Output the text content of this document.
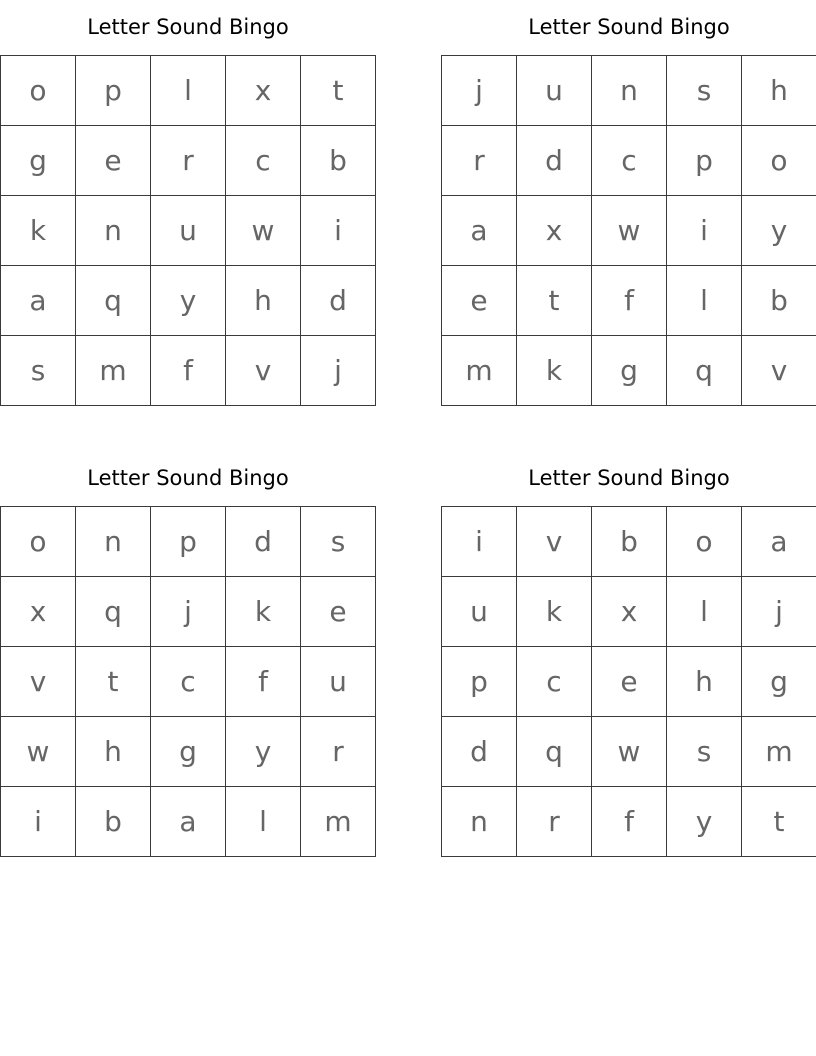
Letter Sound Bingo
o	p	l	x	t
g	e	r	c	b
k	n	u	w	i
a	q	y	h	d
s	m	f	v	j
Letter Sound Bingo
j	u	n	s	h
r	d	c	p	o
a	x	w	i	y
e	t	f	l	b
m	k	g	q	v
Letter Sound Bingo
o	n	p	d	s
x	q	j	k	e
v	t	c	f	u
w	h	g	y	r
i	b	a	l	m
Letter Sound Bingo
i	v	b	o	a
u	k	x	l	j
p	c	e	h	g
d	q	w	s	m
n	r	f	y	t
